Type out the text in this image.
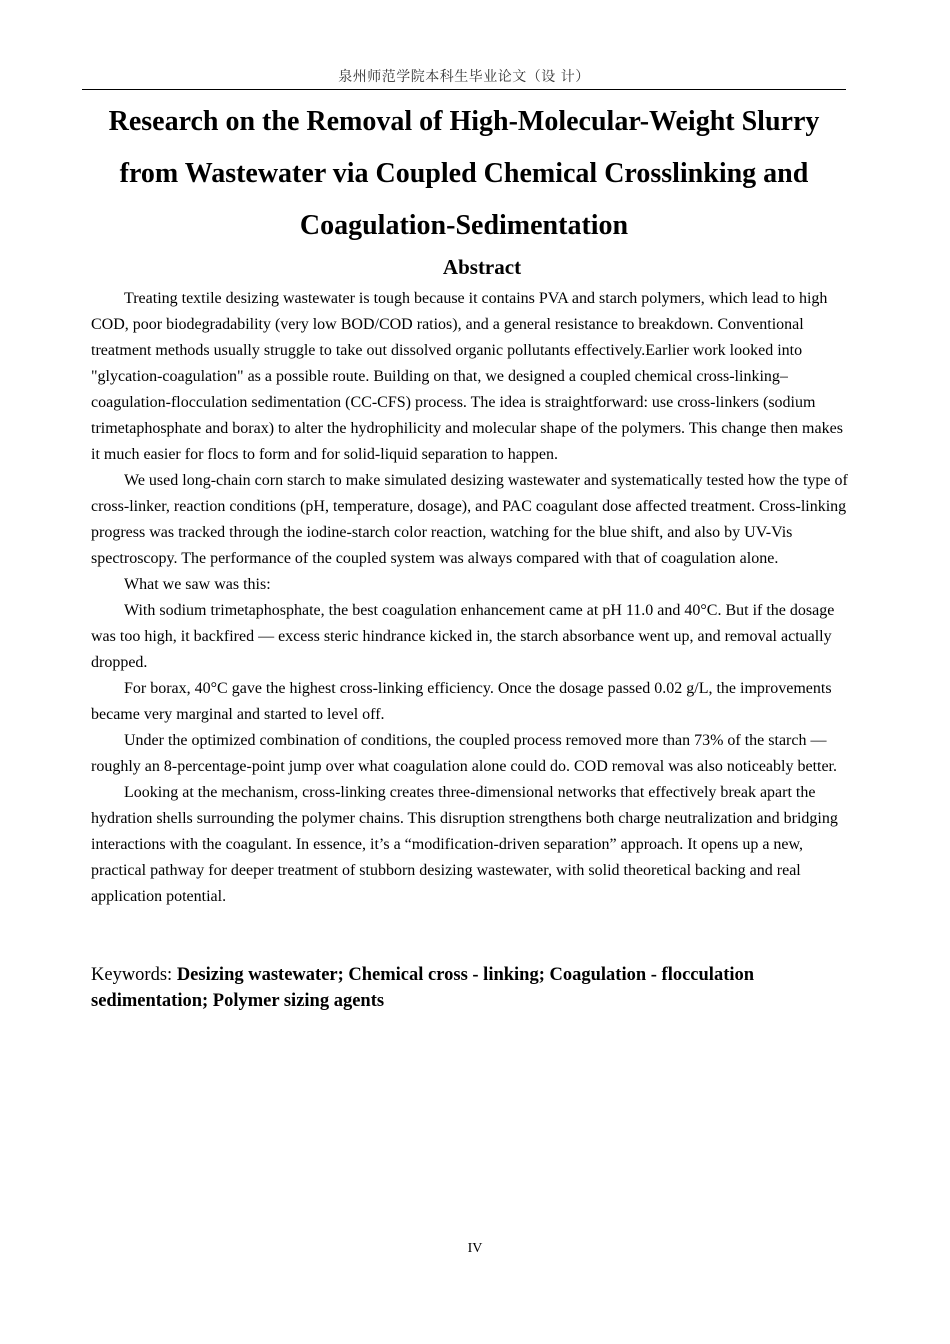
泉州师范学院本科生毕业论文（设 计）
Research on the Removal of High-Molecular-Weight Slurry from Wastewater via Coupled Chemical Crosslinking and Coagulation-Sedimentation
Abstract

Treating textile desizing wastewater is tough because it contains PVA and starch polymers, which lead to high COD, poor biodegradability (very low BOD/COD ratios), and a general resistance to breakdown. Conventional treatment methods usually struggle to take out dissolved organic pollutants effectively.Earlier work looked into "glycation-coagulation" as a possible route. Building on that, we designed a coupled chemical cross-linking–coagulation-flocculation sedimentation (CC-CFS) process. The idea is straightforward: use cross-linkers (sodium trimetaphosphate and borax) to alter the hydrophilicity and molecular shape of the polymers. This change then makes it much easier for flocs to form and for solid-liquid separation to happen.

We used long-chain corn starch to make simulated desizing wastewater and systematically tested how the type of cross-linker, reaction conditions (pH, temperature, dosage), and PAC coagulant dose affected treatment. Cross-linking progress was tracked through the iodine-starch color reaction, watching for the blue shift, and also by UV-Vis spectroscopy. The performance of the coupled system was always compared with that of coagulation alone.

What we saw was this:

With sodium trimetaphosphate, the best coagulation enhancement came at pH 11.0 and 40°C. But if the dosage was too high, it backfired — excess steric hindrance kicked in, the starch absorbance went up, and removal actually dropped.

For borax, 40°C gave the highest cross-linking efficiency. Once the dosage passed 0.02 g/L, the improvements became very marginal and started to level off.

Under the optimized combination of conditions, the coupled process removed more than 73% of the starch — roughly an 8-percentage-point jump over what coagulation alone could do. COD removal was also noticeably better.

Looking at the mechanism, cross-linking creates three-dimensional networks that effectively break apart the hydration shells surrounding the polymer chains. This disruption strengthens both charge neutralization and bridging interactions with the coagulant. In essence, it’s a “modification-driven separation” approach. It opens up a new, practical pathway for deeper treatment of stubborn desizing wastewater, with solid theoretical backing and real application potential.

Keywords: Desizing wastewater; Chemical cross - linking; Coagulation - flocculation sedimentation; Polymer sizing agents

IV
